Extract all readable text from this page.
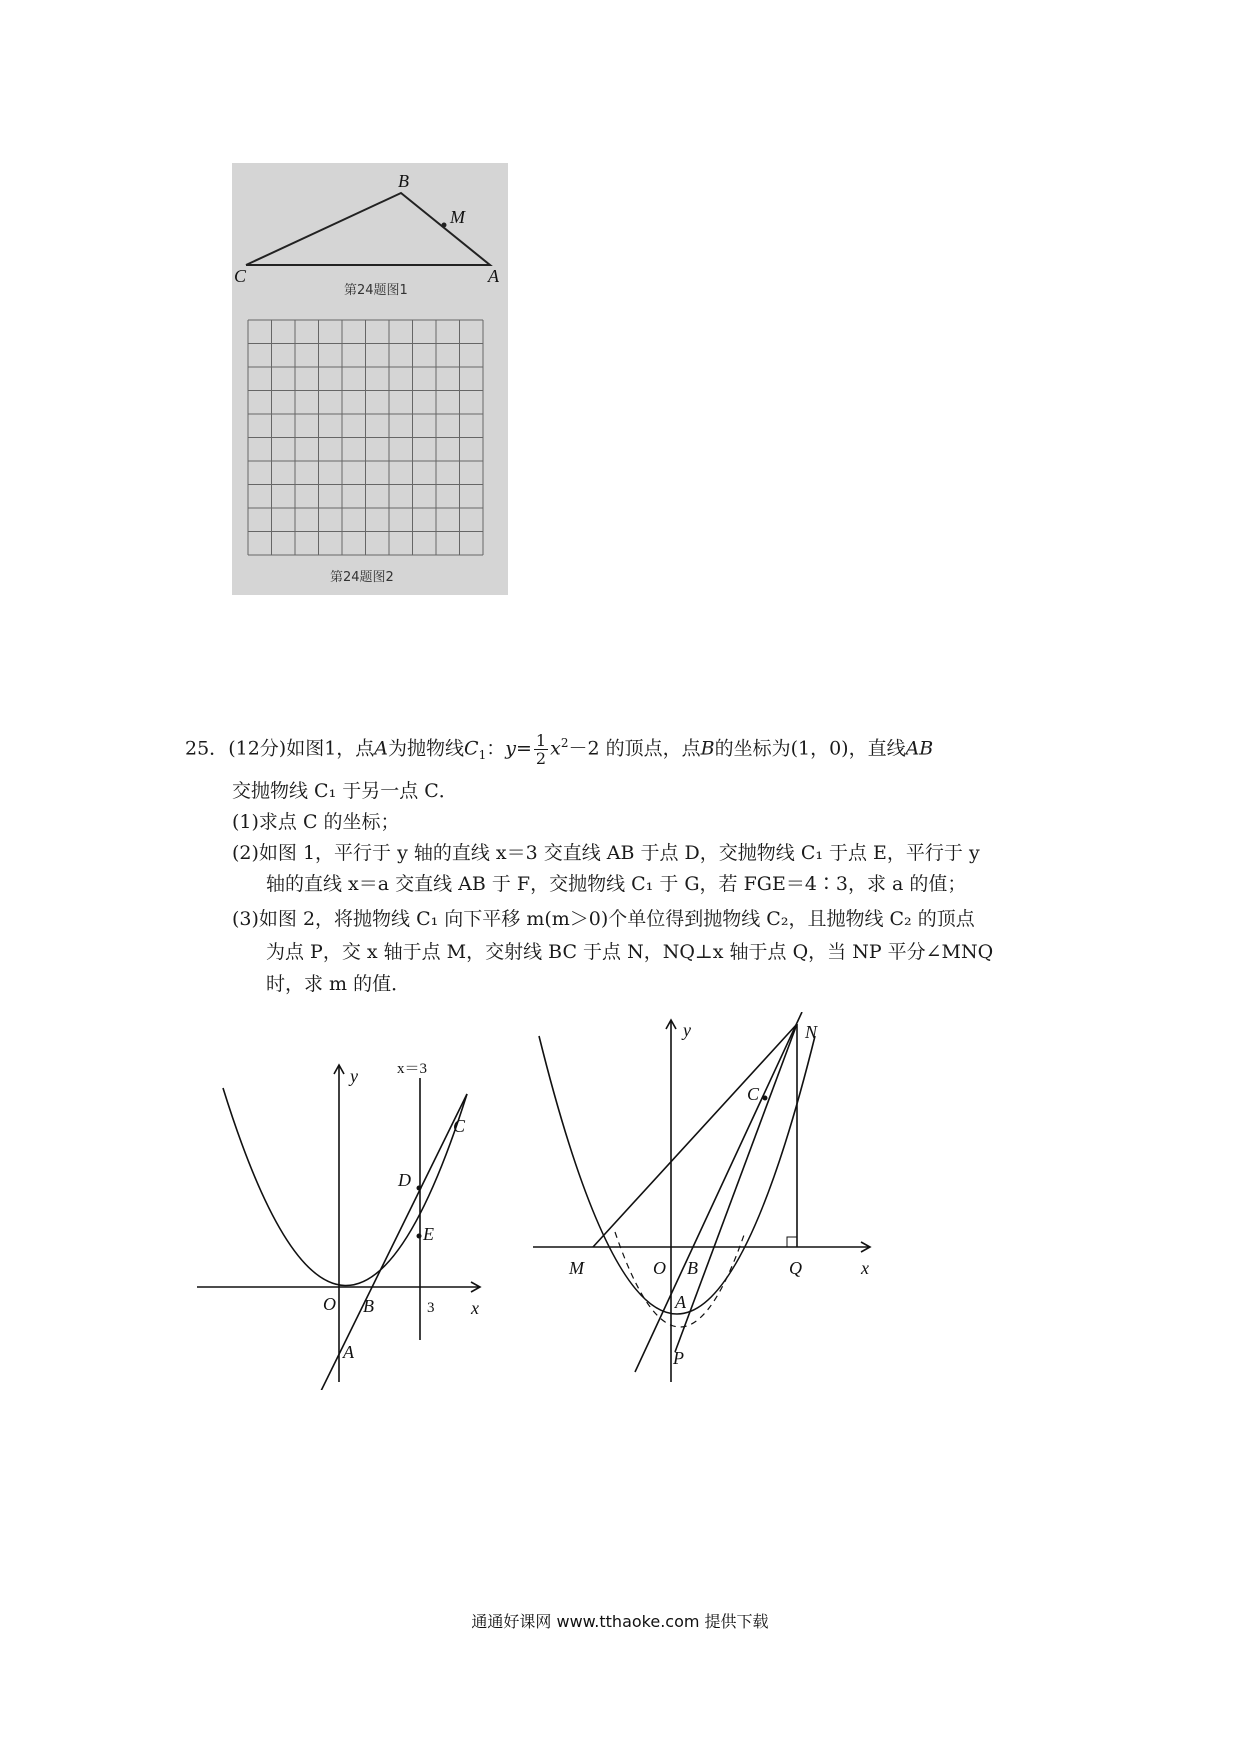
B
M
C	A
第24题图1
第24题图2
25．(12分)如图1，点A为抛物线$C_1$：$y= \frac{1}{2} x^2-2$ 的顶点，点B的坐标为(1，0)，直线AB
交抛物线 C₁ 于另一点 C．
(1)求点 C 的坐标；
(2)如图 1，平行于 y 轴的直线 x＝3 交直线 AB 于点 D，交抛物线 C₁ 于点 E，平行于 y
轴的直线 x＝a 交直线 AB 于 F，交抛物线 C₁ 于 G，若 FGE＝4∶3，求 a 的值；
(3)如图 2，将抛物线 C₁ 向下平移 m(m＞0)个单位得到抛物线 C₂，且抛物线 C₂ 的顶点
为点 P，交 x 轴于点 M，交射线 BC 于点 N，NQ⊥x 轴于点 Q，当 NP 平分∠MNQ
时，求 m 的值．
y	x＝3
x
O B
A
C
D
E
3
y
x
N
C
M	O B	Q
A
P
通通好课网 www.tthaoke.com 提供下载
